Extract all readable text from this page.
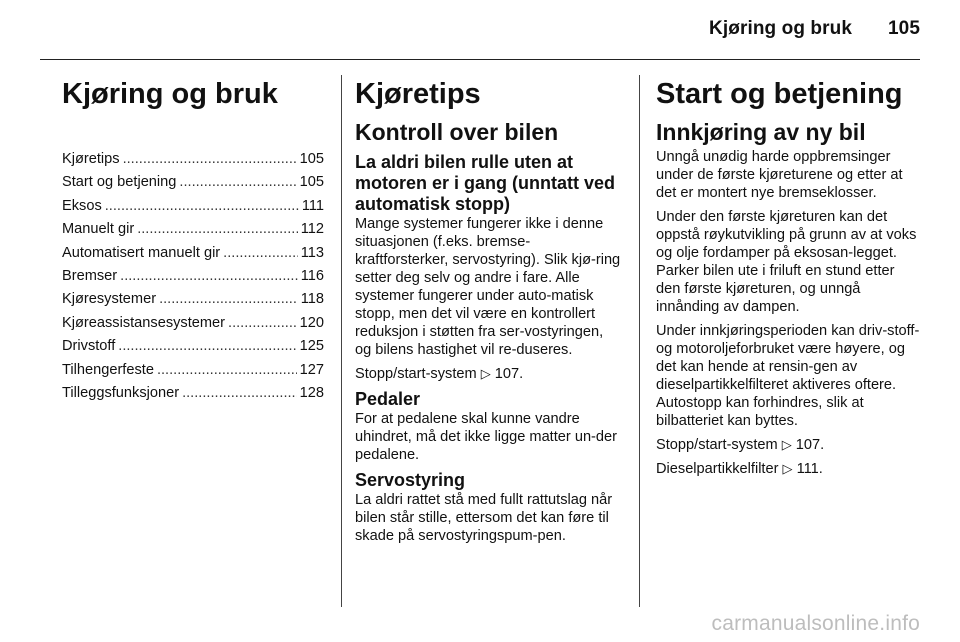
Kjøring og bruk 105
Kjøring og bruk
Kjøretips .....	105
Start og betjening .....	105
Eksos .....	111
Manuelt gir .....	112
Automatisert manuelt gir .....	113
Bremser .....	116
Kjøresystemer .....	118
Kjøreassistansesystemer .....	120
Drivstoff .....	125
Tilhengerfeste .....	127
Tilleggsfunksjoner .....	128
Kjøretips
Kontroll over bilen
La aldri bilen rulle uten at motoren er i gang (unntatt ved automatisk stopp)

Mange systemer fungerer ikke i denne situasjonen (f.eks. bremse-kraftforsterker, servostyring). Slik kjø-ring setter deg selv og andre i fare. Alle systemer fungerer under auto-matisk stopp, men det vil være en kontrollert reduksjon i støtten fra ser-vostyringen, og bilens hastighet vil re-duseres.

Stopp/start-system ▷ 107.

Pedaler

For at pedalene skal kunne vandre uhindret, må det ikke ligge matter un-der pedalene.

Servostyring

La aldri rattet stå med fullt rattutslag når bilen står stille, ettersom det kan føre til skade på servostyringspum-pen.

Start og betjening
Innkjøring av ny bil

Unngå unødig harde oppbremsinger under de første kjøreturene og etter at det er montert nye bremseklosser.

Under den første kjøreturen kan det oppstå røykutvikling på grunn av at voks og olje fordamper på eksosan-legget. Parker bilen ute i friluft en stund etter den første kjøreturen, og unngå innånding av dampen.

Under innkjøringsperioden kan driv-stoff- og motoroljeforbruket være høyere, og det kan hende at rensin-gen av dieselpartikkelfilteret aktiveres oftere. Autostopp kan forhindres, slik at bilbatteriet kan byttes.

Stopp/start-system ▷ 107.

Dieselpartikkelfilter ▷ 111.

carmanualsonline.info
